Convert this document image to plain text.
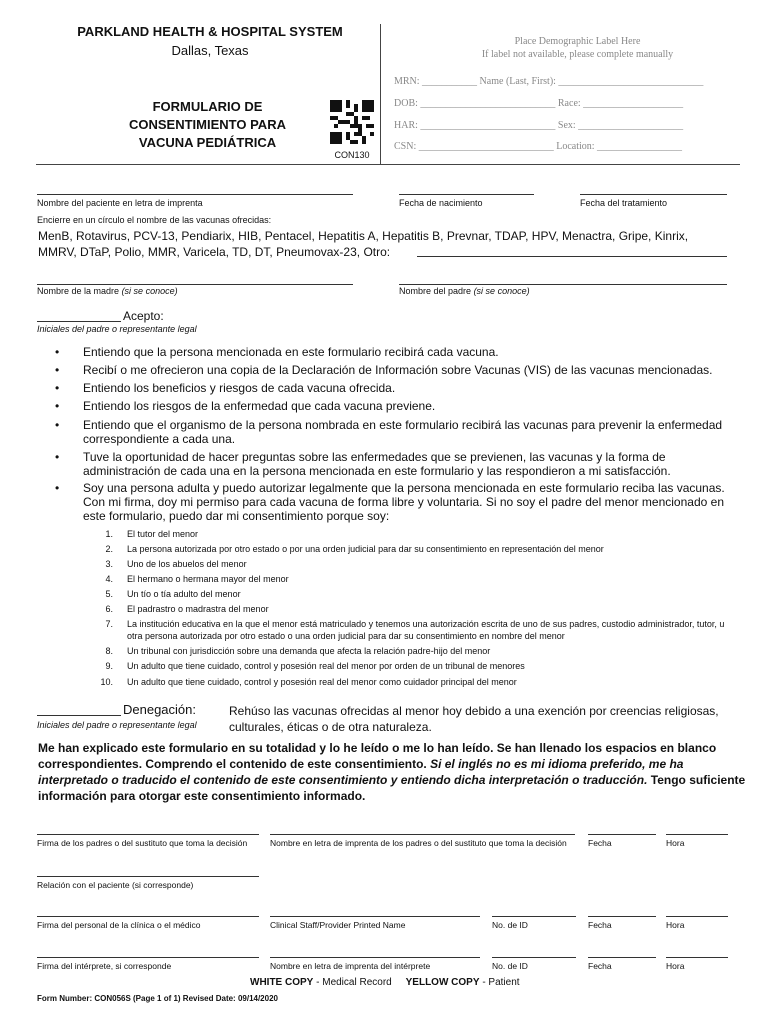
PARKLAND HEALTH & HOSPITAL SYSTEM
Dallas, Texas
FORMULARIO DE
CONSENTIMIENTO PARA
VACUNA PEDIÁTRICA
CON130
Place Demographic Label Here
If label not available, please complete manually
MRN: ___________ Name (Last, First): _____________________________
DOB: ___________________________ Race: ____________________
HAR: ___________________________ Sex: _____________________
CSN: ___________________________ Location: _________________
Nombre del paciente en letra de imprenta	Fecha de nacimiento	Fecha del tratamiento
Encierre en un círculo el nombre de las vacunas ofrecidas:
MenB, Rotavirus, PCV-13, Pendiarix, HIB, Pentacel, Hepatitis A, Hepatitis B, Prevnar, TDAP, HPV, Menactra, Gripe, Kinrix,
MMRV, DTaP, Polio, MMR, Varicela, TD, DT, Pneumovax-23, Otro:
Nombre de la madre (si se conoce)	Nombre del padre (si se conoce)
Acepto:
Iniciales del padre o representante legal
• Entiendo que la persona mencionada en este formulario recibirá cada vacuna.
• Recibí o me ofrecieron una copia de la Declaración de Información sobre Vacunas (VIS) de las vacunas mencionadas.
• Entiendo los beneficios y riesgos de cada vacuna ofrecida.
• Entiendo los riesgos de la enfermedad que cada vacuna previene.
• Entiendo que el organismo de la persona nombrada en este formulario recibirá las vacunas para prevenir la enfermedad correspondiente a cada una.
• Tuve la oportunidad de hacer preguntas sobre las enfermedades que se previenen, las vacunas y la forma de administración de cada una en la persona mencionada en este formulario y las respondieron a mi satisfacción.
• Soy una persona adulta y puedo autorizar legalmente que la persona mencionada en este formulario reciba las vacunas. Con mi firma, doy mi permiso para cada vacuna de forma libre y voluntaria. Si no soy el padre del menor mencionado en este formulario, puedo dar mi consentimiento porque soy:
1. El tutor del menor
2. La persona autorizada por otro estado o por una orden judicial para dar su consentimiento en representación del menor
3. Uno de los abuelos del menor
4. El hermano o hermana mayor del menor
5. Un tío o tía adulto del menor
6. El padrastro o madrastra del menor
7. La institución educativa en la que el menor está matriculado y tenemos una autorización escrita de uno de sus padres, custodio administrador, tutor, u otra persona autorizada por otro estado o una orden judicial para dar su consentimiento en nombre del menor
8. Un tribunal con jurisdicción sobre una demanda que afecta la relación padre-hijo del menor
9. Un adulto que tiene cuidado, control y posesión real del menor por orden de un tribunal de menores
10. Un adulto que tiene cuidado, control y posesión real del menor como cuidador principal del menor
Denegación:
Iniciales del padre o representante legal
Rehúso las vacunas ofrecidas al menor hoy debido a una exención por creencias religiosas, culturales, éticas o de otra naturaleza.
Me han explicado este formulario en su totalidad y lo he leído o me lo han leído. Se han llenado los espacios en blanco correspondientes. Comprendo el contenido de este consentimiento. Si el inglés no es mi idioma preferido, me ha interpretado o traducido el contenido de este consentimiento y entiendo dicha interpretación o traducción. Tengo suficiente información para otorgar este consentimiento informado.
Firma de los padres o del sustituto que toma la decisión	Nombre en letra de imprenta de los padres o del sustituto que toma la decisión	Fecha	Hora
Relación con el paciente (si corresponde)
Firma del personal de la clínica o el médico	Clinical Staff/Provider Printed Name	No. de ID	Fecha	Hora
Firma del intérprete, si corresponde	Nombre en letra de imprenta del intérprete	No. de ID	Fecha	Hora
WHITE COPY - Medical Record YELLOW COPY - Patient
Form Number: CON056S (Page 1 of 1) Revised Date: 09/14/2020
